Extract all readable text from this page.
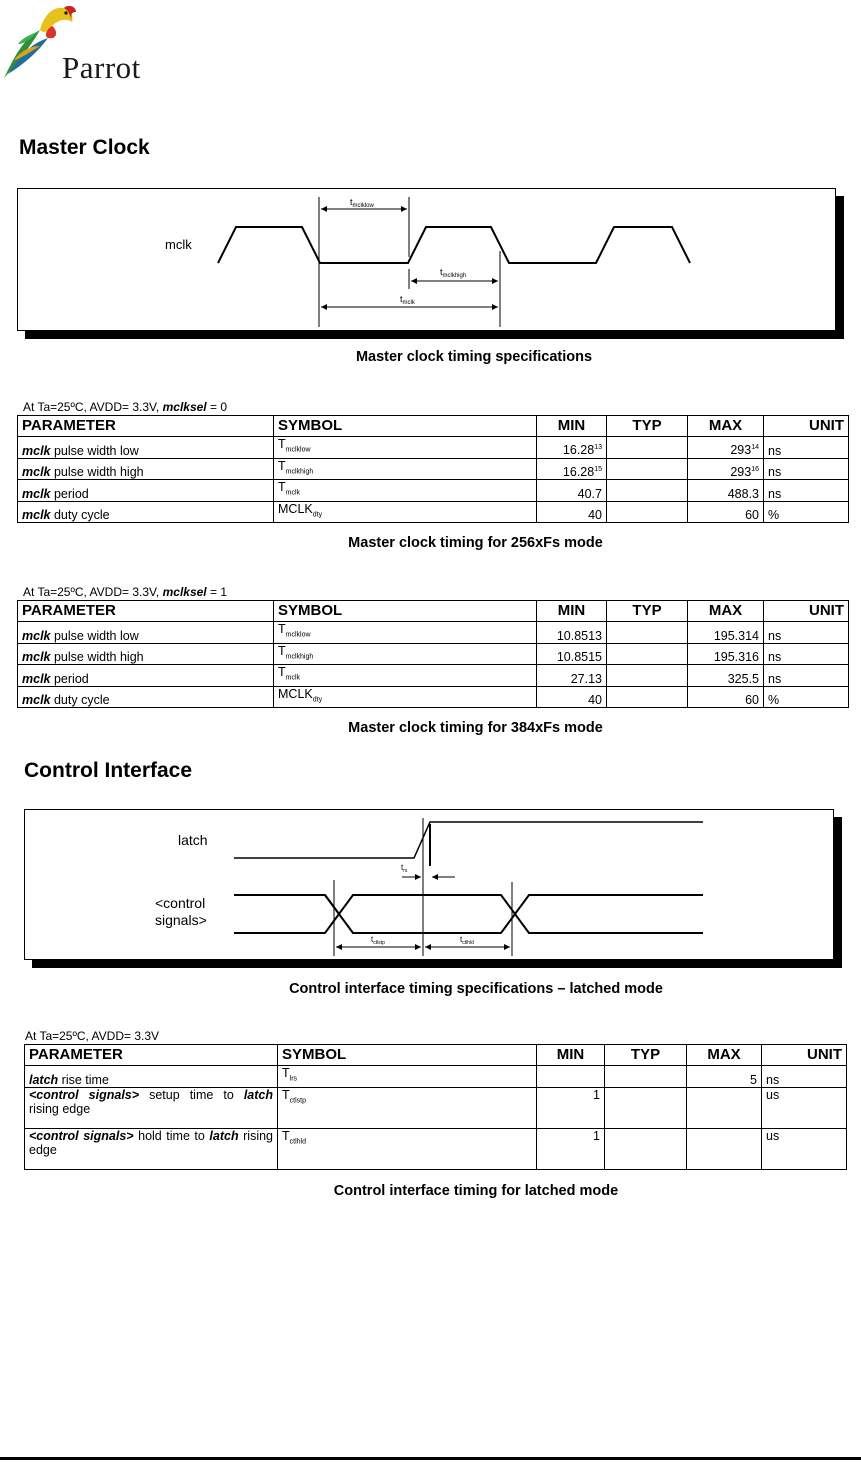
Parrot
Master Clock
mclk
$t_{mclklow}$
$t_{mclkhigh}$
$t_{mclk}$
Master clock timing specifications
At Ta=25ºC, AVDD= 3.3V, mclksel = 0
PARAMETER	SYMBOL	MIN	TYP	MAX	UNIT
mclk pulse width low	$T_{mclklow}$	16.28$^{13}$		$293^{14}$	ns
mclk pulse width high	$T_{mclkhigh}$	16.28$^{15}$		$293^{16}$	ns
mclk period	$T_{mclk}$	40.7		488.3	ns
mclk duty cycle	$MCLK_{dty}$	40		60	%
Master clock timing for 256xFs mode
At Ta=25ºC, AVDD= 3.3V, mclksel = 1
PARAMETER	SYMBOL	MIN	TYP	MAX	UNIT
mclk pulse width low	$T_{mclklow}$	10.8513		195.314	ns
mclk pulse width high	$T_{mclkhigh}$	10.8515		195.316	ns
mclk period	$T_{mclk}$	27.13		325.5	ns
mclk duty cycle	$MCLK_{dty}$	40		60	%
Master clock timing for 384xFs mode
Control Interface
latch
<control
signals>
$t_{rs}$
$t_{ctlstp}$	$t_{ctlhld}$
Control interface timing specifications – latched mode
At Ta=25ºC, AVDD= 3.3V
PARAMETER	SYMBOL	MIN	TYP	MAX	UNIT
latch rise time	$T_{lrs}$			5	ns
<control signals> setup time to latch rising edge	$T_{ctlstp}$	1			us
<control signals> hold time to latch rising edge	$T_{ctlhld}$	1			us
Control interface timing for latched mode
